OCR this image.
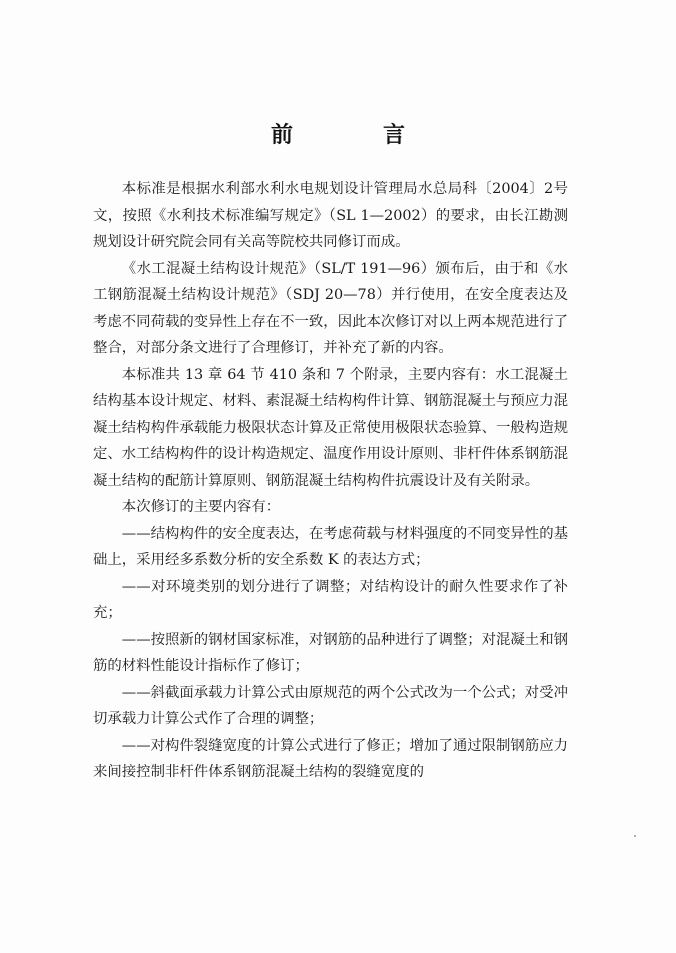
前　言

本标准是根据水利部水利水电规划设计管理局水总局科〔2004〕2号文，按照《水利技术标准编写规定》（SL 1—2002）的要求，由长江勘测规划设计研究院会同有关高等院校共同修订而成。

《水工混凝土结构设计规范》（SL/T 191—96）颁布后，由于和《水工钢筋混凝土结构设计规范》（SDJ 20—78）并行使用，在安全度表达及考虑不同荷载的变异性上存在不一致，因此本次修订对以上两本规范进行了整合，对部分条文进行了合理修订，并补充了新的内容。

本标准共 13 章 64 节 410 条和 7 个附录，主要内容有：水工混凝土结构基本设计规定、材料、素混凝土结构构件计算、钢筋混凝土与预应力混凝土结构构件承载能力极限状态计算及正常使用极限状态验算、一般构造规定、水工结构构件的设计构造规定、温度作用设计原则、非杆件体系钢筋混凝土结构的配筋计算原则、钢筋混凝土结构构件抗震设计及有关附录。

本次修订的主要内容有：

——结构构件的安全度表达，在考虑荷载与材料强度的不同变异性的基础上，采用经多系数分析的安全系数 K 的表达方式；

——对环境类别的划分进行了调整；对结构设计的耐久性要求作了补充；

——按照新的钢材国家标准，对钢筋的品种进行了调整；对混凝土和钢筋的材料性能设计指标作了修订；

——斜截面承载力计算公式由原规范的两个公式改为一个公式；对受冲切承载力计算公式作了合理的调整；

——对构件裂缝宽度的计算公式进行了修正；增加了通过限制钢筋应力来间接控制非杆件体系钢筋混凝土结构的裂缝宽度的
